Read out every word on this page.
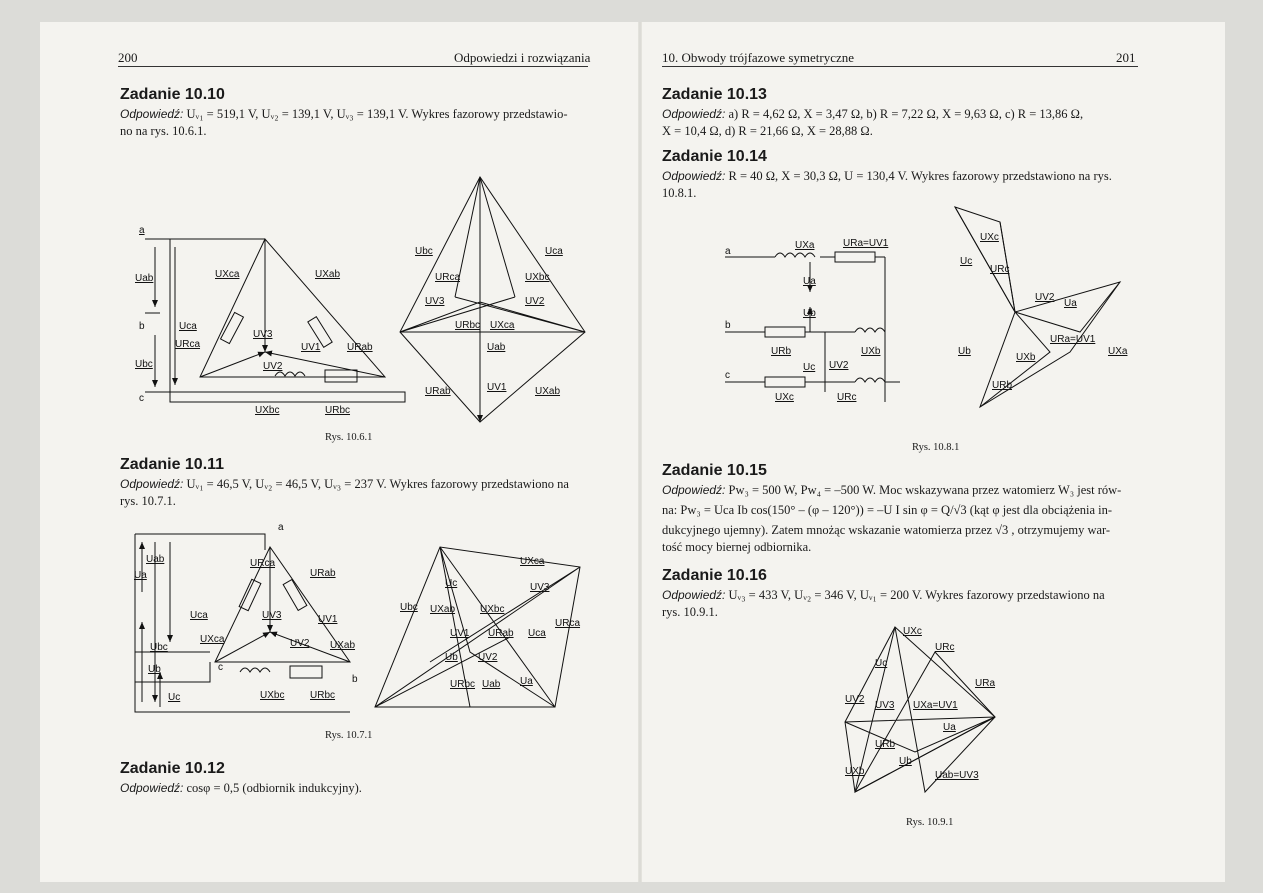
200	Odpowiedzi i rozwiązania
Zadanie 10.10
Odpowiedź: Uᵥ₁ = 519,1 V, Uᵥ₂ = 139,1 V, Uᵥ₃ = 139,1 V. Wykres fazorowy przedstawio-
no na rys. 10.6.1.
a
Uab
b	Uca
URca
Ubc
c
UXca	UXab
UV3
UV1	URab
UV2
UXbc	URbc
Ubc	Uca
URca	UXbc
UV3	UV2
URbc UXca
Uab
URab	UV1	UXab
Rys. 10.6.1
Zadanie 10.11
Odpowiedź: Uᵥ₁ = 46,5 V, Uᵥ₂ = 46,5 V, Uᵥ₃ = 237 V. Wykres fazorowy przedstawiono na
rys. 10.7.1.
a
Uab
Ua
URca
URab
Uca
UXca
UV3	UV1
UXab
Ubc	UV2
Ub	c
b
Uc	UXbc	URbc
UXca
Uc	UV3
Ubc UXab UXbc
URca
UV1 URab Uca
Ub UV2
URbc Uab Ua
Rys. 10.7.1
Zadanie 10.12
Odpowiedź: cosφ = 0,5 (odbiornik indukcyjny).
10. Obwody trójfazowe symetryczne	201
Zadanie 10.13
Odpowiedź: a) R = 4,62 Ω, X = 3,47 Ω, b) R = 7,22 Ω, X = 9,63 Ω, c) R = 13,86 Ω,
X = 10,4 Ω, d) R = 21,66 Ω, X = 28,88 Ω.
Zadanie 10.14
Odpowiedź: R = 40 Ω, X = 30,3 Ω, U = 130,4 V. Wykres fazorowy przedstawiono na rys.
10.8.1.
a
UXa	URa=UV1
Ua
Ub
b
URb	UXb
UV2
Uc
c
UXc	URc
UXc
Uc
URc
UV2
Ua
URa=UV1
UXa
Ub
UXb
URb
Rys. 10.8.1
Zadanie 10.15
Odpowiedź: Pᴡ₃ = 500 W, Pᴡ₄ = –500 W. Moc wskazywana przez watomierz W₃ jest rów-
na: Pᴡ₃ = Uca Ib cos(150° – (φ – 120°)) = –U I sin φ = Q/√3 (kąt φ jest dla obciążenia in-
dukcyjnego ujemny). Zatem mnożąc wskazanie watomierza przez √3 , otrzymujemy war-
tość mocy biernej odbiornika.
Zadanie 10.16
Odpowiedź: Uᵥ₃ = 433 V, Uᵥ₂ = 346 V, Uᵥ₁ = 200 V. Wykres fazorowy przedstawiono na
rys. 10.9.1.
UXc
URc
Uc
URa
UV2
UV3 UXa=UV1
Ua
URb
UXb
Ub
Uab=UV3
Rys. 10.9.1
